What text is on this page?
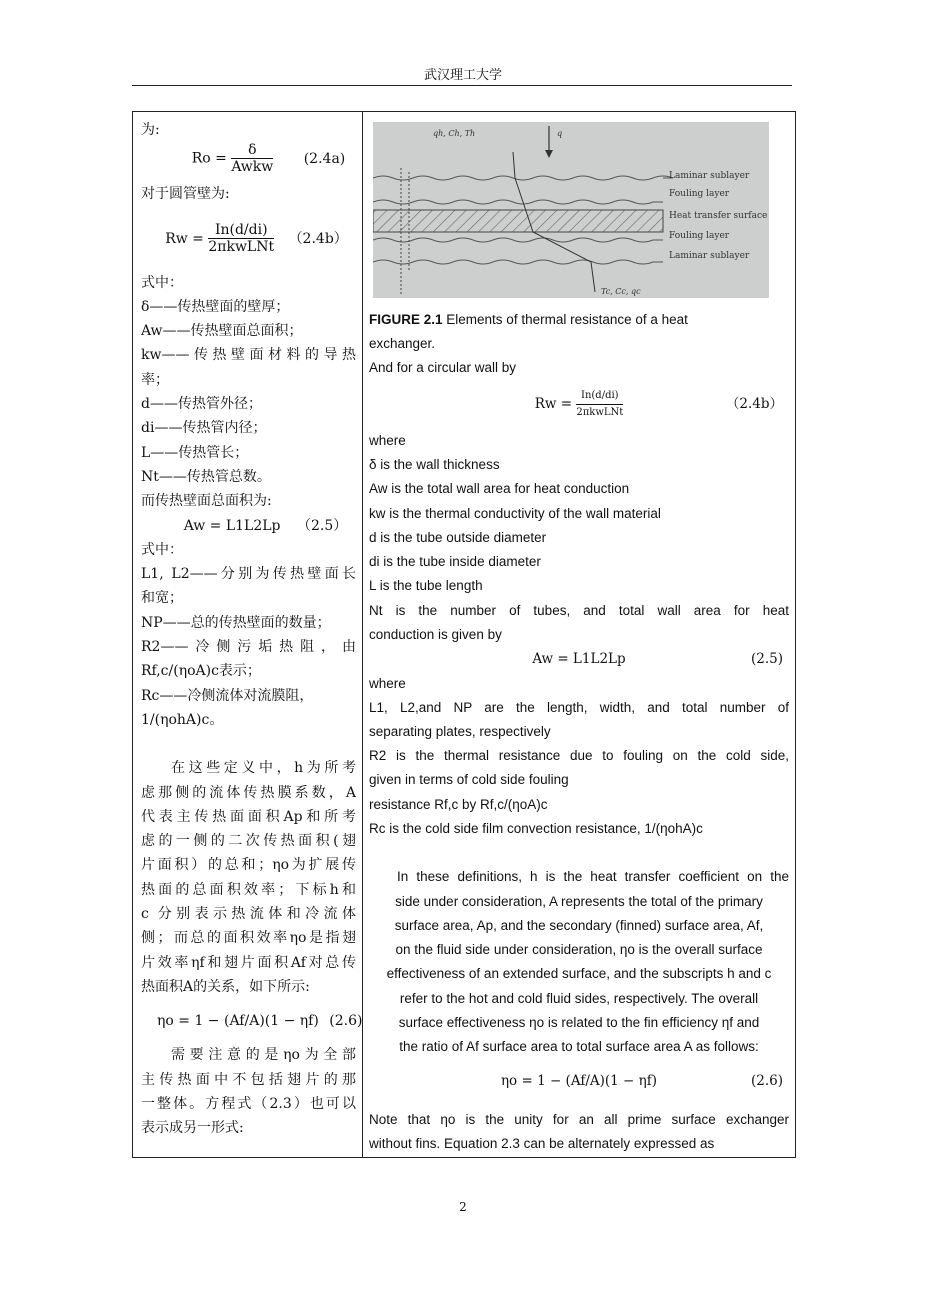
武汉理工大学
为:
$Ro = \frac{\delta}{\text{Awkw}} (2.4a)$
对于圆管壁为:
$Rw = \frac{In(d/di)}{\text{2πkwLNt}} (2.4b)$
式中：
δ——传热壁面的壁厚；
Aw——传热壁面总面积；
kw——传热壁面材料的导热
率；
d——传热管外径；
di——传热管内径；
L——传热管长；
Nt——传热管总数。
而传热壁面总面积为:
Aw = L1L2Lp （2.5）
式中：
L1, L2——分别为传热壁面长
和宽；
NP——总的传热壁面的数量；
R2——冷侧污垢热阻，由
Rf,c/(ηoA)c表示；
Rc——冷侧流体对流膜阻，
1/(ηohA)c。
在这些定义中，h为所考
虑那侧的流体传热膜系数，A
代表主传热面面积Ap和所考
虑的一侧的二次传热面积(翅
片面积）的总和；ηo为扩展传
热面的总面积效率；下标h和
c 分别表示热流体和冷流体
侧；而总的面积效率ηo是指翅
片效率ηf和翅片面积Af对总传
热面积A的关系，如下所示:
ηo = 1 − (Af/A)(1 − ηf) (2.6)
需要注意的是ηo为全部
主传热面中不包括翅片的那
一整体。方程式（2.3）也可以
表示成另一形式:
qh, Ch, Th	q
Tc, Cc, qc
Laminar sublayer
Fouling layer
Heat transfer surface
Fouling layer
Laminar sublayer
FIGURE 2.1 Elements of thermal resistance of a heat
exchanger.
And for a circular wall by
$Rw = \frac{In(d/di)}{\text{2πkwLNt}}$	（2.4b）
where
δ is the wall thickness
Aw is the total wall area for heat conduction
kw is the thermal conductivity of the wall material
d is the tube outside diameter
di is the tube inside diameter
L is the tube length
Nt is the number of tubes, and total wall area for heat
conduction is given by
Aw = L1L2Lp	(2.5)
where
L1, L2,and NP are the length, width, and total number of
separating plates, respectively
R2 is the thermal resistance due to fouling on the cold side,
given in terms of cold side fouling
resistance Rf,c by Rf,c/(ηoA)c
Rc is the cold side film convection resistance, 1/(ηohA)c
In these definitions, h is the heat transfer coefficient on the
side under consideration, A represents the total of the primary
surface area, Ap, and the secondary (finned) surface area, Af,
on the fluid side under consideration, ηo is the overall surface
effectiveness of an extended surface, and the subscripts h and c
refer to the hot and cold fluid sides, respectively. The overall
surface effectiveness ηo is related to the fin efficiency ηf and
the ratio of Af surface area to total surface area A as follows:
ηo = 1 − (Af/A)(1 − ηf)	(2.6)
Note that ηo is the unity for an all prime surface exchanger
without fins. Equation 2.3 can be alternately expressed as
2
